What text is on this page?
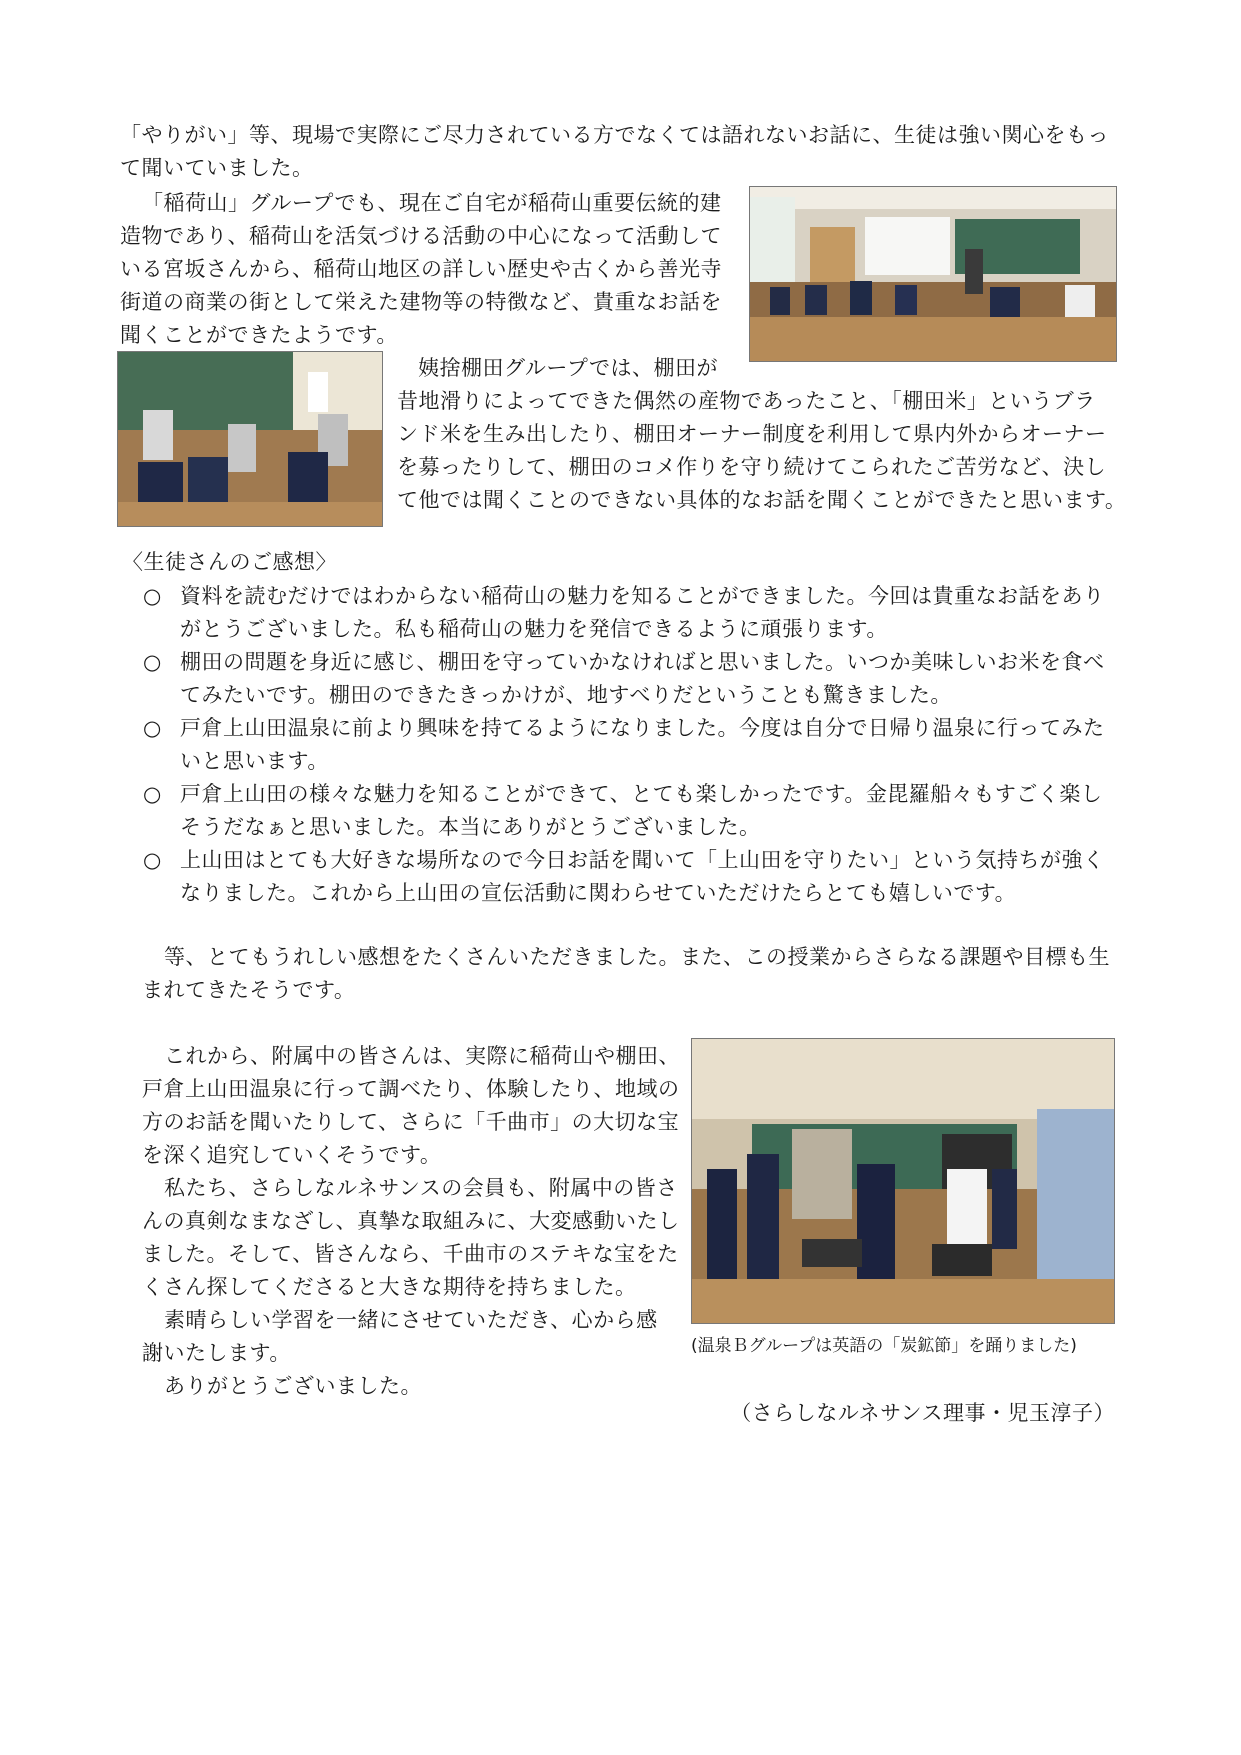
「やりがい」等、現場で実際にご尽力されている方でなくては語れないお話に、生徒は強い関心をもっ
て聞いていました。
「稲荷山」グループでも、現在ご自宅が稲荷山重要伝統的建
造物であり、稲荷山を活気づける活動の中心になって活動して
いる宮坂さんから、稲荷山地区の詳しい歴史や古くから善光寺
街道の商業の街として栄えた建物等の特徴など、貴重なお話を
聞くことができたようです。
姨捨棚田グループでは、棚田が
昔地滑りによってできた偶然の産物であったこと、「棚田米」というブラ
ンド米を生み出したり、棚田オーナー制度を利用して県内外からオーナー
を募ったりして、棚田のコメ作りを守り続けてこられたご苦労など、決し
て他では聞くことのできない具体的なお話を聞くことができたと思います。
〈生徒さんのご感想〉
○ 資料を読むだけではわからない稲荷山の魅力を知ることができました。今回は貴重なお話をあり
がとうございました。私も稲荷山の魅力を発信できるように頑張ります。
○ 棚田の問題を身近に感じ、棚田を守っていかなければと思いました。いつか美味しいお米を食べ
てみたいです。棚田のできたきっかけが、地すべりだということも驚きました。
○ 戸倉上山田温泉に前より興味を持てるようになりました。今度は自分で日帰り温泉に行ってみた
いと思います。
○ 戸倉上山田の様々な魅力を知ることができて、とても楽しかったです。金毘羅船々もすごく楽し
そうだなぁと思いました。本当にありがとうございました。
○ 上山田はとても大好きな場所なので今日お話を聞いて「上山田を守りたい」という気持ちが強く
なりました。これから上山田の宣伝活動に関わらせていただけたらとても嬉しいです。
等、とてもうれしい感想をたくさんいただきました。また、この授業からさらなる課題や目標も生
まれてきたそうです。
これから、附属中の皆さんは、実際に稲荷山や棚田、
戸倉上山田温泉に行って調べたり、体験したり、地域の
方のお話を聞いたりして、さらに「千曲市」の大切な宝
を深く追究していくそうです。
私たち、さらしなルネサンスの会員も、附属中の皆さ
んの真剣なまなざし、真摯な取組みに、大変感動いたし
ました。そして、皆さんなら、千曲市のステキな宝をた
くさん探してくださると大きな期待を持ちました。
素晴らしい学習を一緒にさせていただき、心から感
謝いたします。
ありがとうございました。
(温泉Ｂグループは英語の「炭鉱節」を踊りました)
（さらしなルネサンス理事・児玉淳子）
